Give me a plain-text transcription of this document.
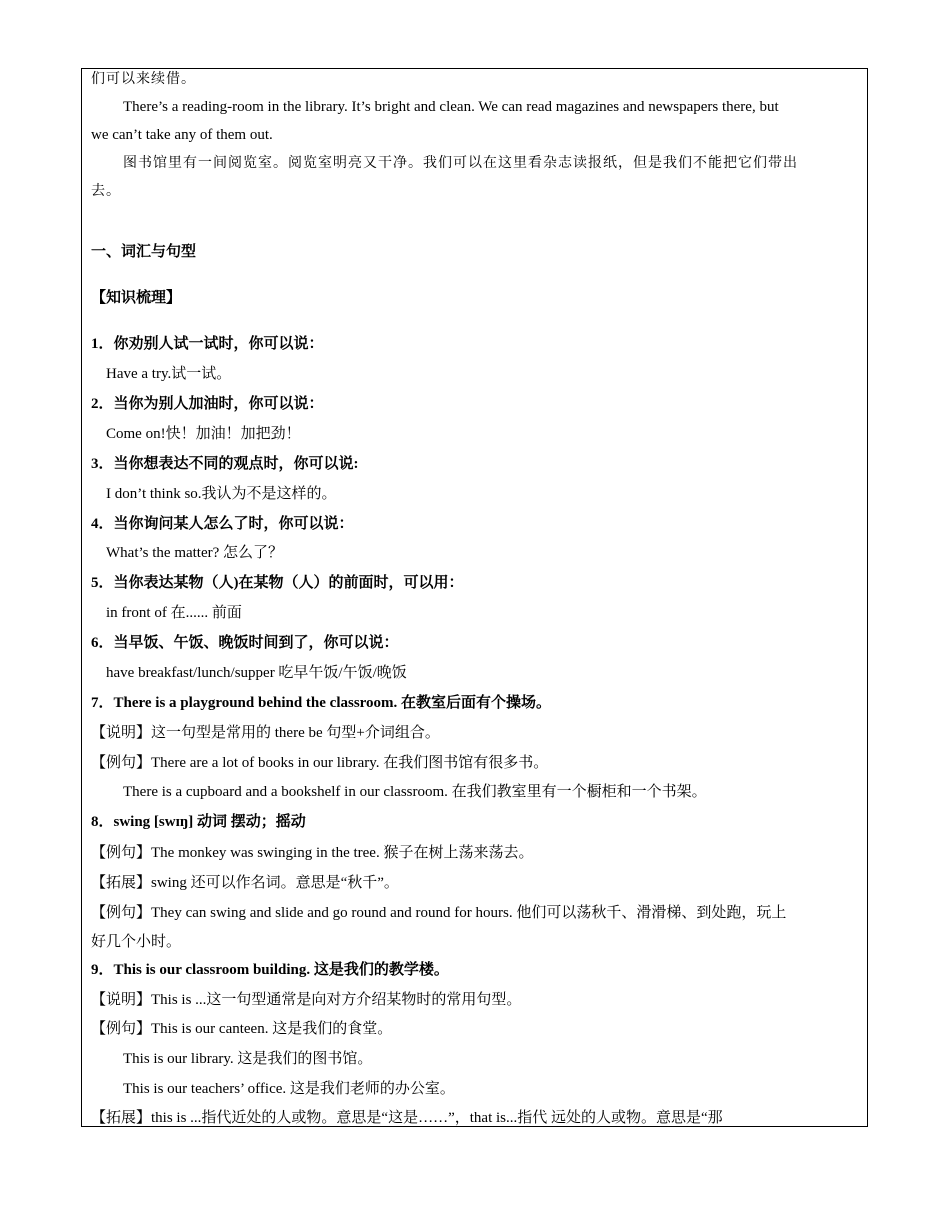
们可以来续借。
There’s a reading-room in the library. It’s bright and clean. We can read magazines and newspapers there, but
we can’t take any of them out.
图书馆里有一间阅览室。阅览室明亮又干净。我们可以在这里看杂志读报纸，但是我们不能把它们带出
去。
一、词汇与句型
【知识梳理】
1．你劝别人试一试时，你可以说：
Have a try.试一试。
2．当你为别人加油时，你可以说：
Come on!快！加油！加把劲！
3．当你想表达不同的观点时，你可以说:
I don’t think so.我认为不是这样的。
4．当你询问某人怎么了时，你可以说：
What’s the matter? 怎么了？
5．当你表达某物（人)在某物（人）的前面时，可以用：
in front of 在...... 前面
6．当早饭、午饭、晚饭时间到了，你可以说：
have breakfast/lunch/supper 吃早午饭/午饭/晚饭
7．There is a playground behind the classroom. 在教室后面有个操场。
【说明】这一句型是常用的 there be 句型+介词组合。
【例句】There are a lot of books in our library. 在我们图书馆有很多书。
There is a cupboard and a bookshelf in our classroom. 在我们教室里有一个橱柜和一个书架。
8．swing [swɪŋ] 动词 摆动；摇动
【例句】The monkey was swinging in the tree. 猴子在树上荡来荡去。
【拓展】swing 还可以作名词。意思是“秋千”。
【例句】They can swing and slide and go round and round for hours. 他们可以荡秋千、滑滑梯、到处跑，玩上
好几个小时。
9．This is our classroom building. 这是我们的教学楼。
【说明】This is ...这一句型通常是向对方介绍某物时的常用句型。
【例句】This is our canteen. 这是我们的食堂。
This is our library. 这是我们的图书馆。
This is our teachers’ office. 这是我们老师的办公室。
【拓展】this is ...指代近处的人或物。意思是“这是……”，that is...指代 远处的人或物。意思是“那
